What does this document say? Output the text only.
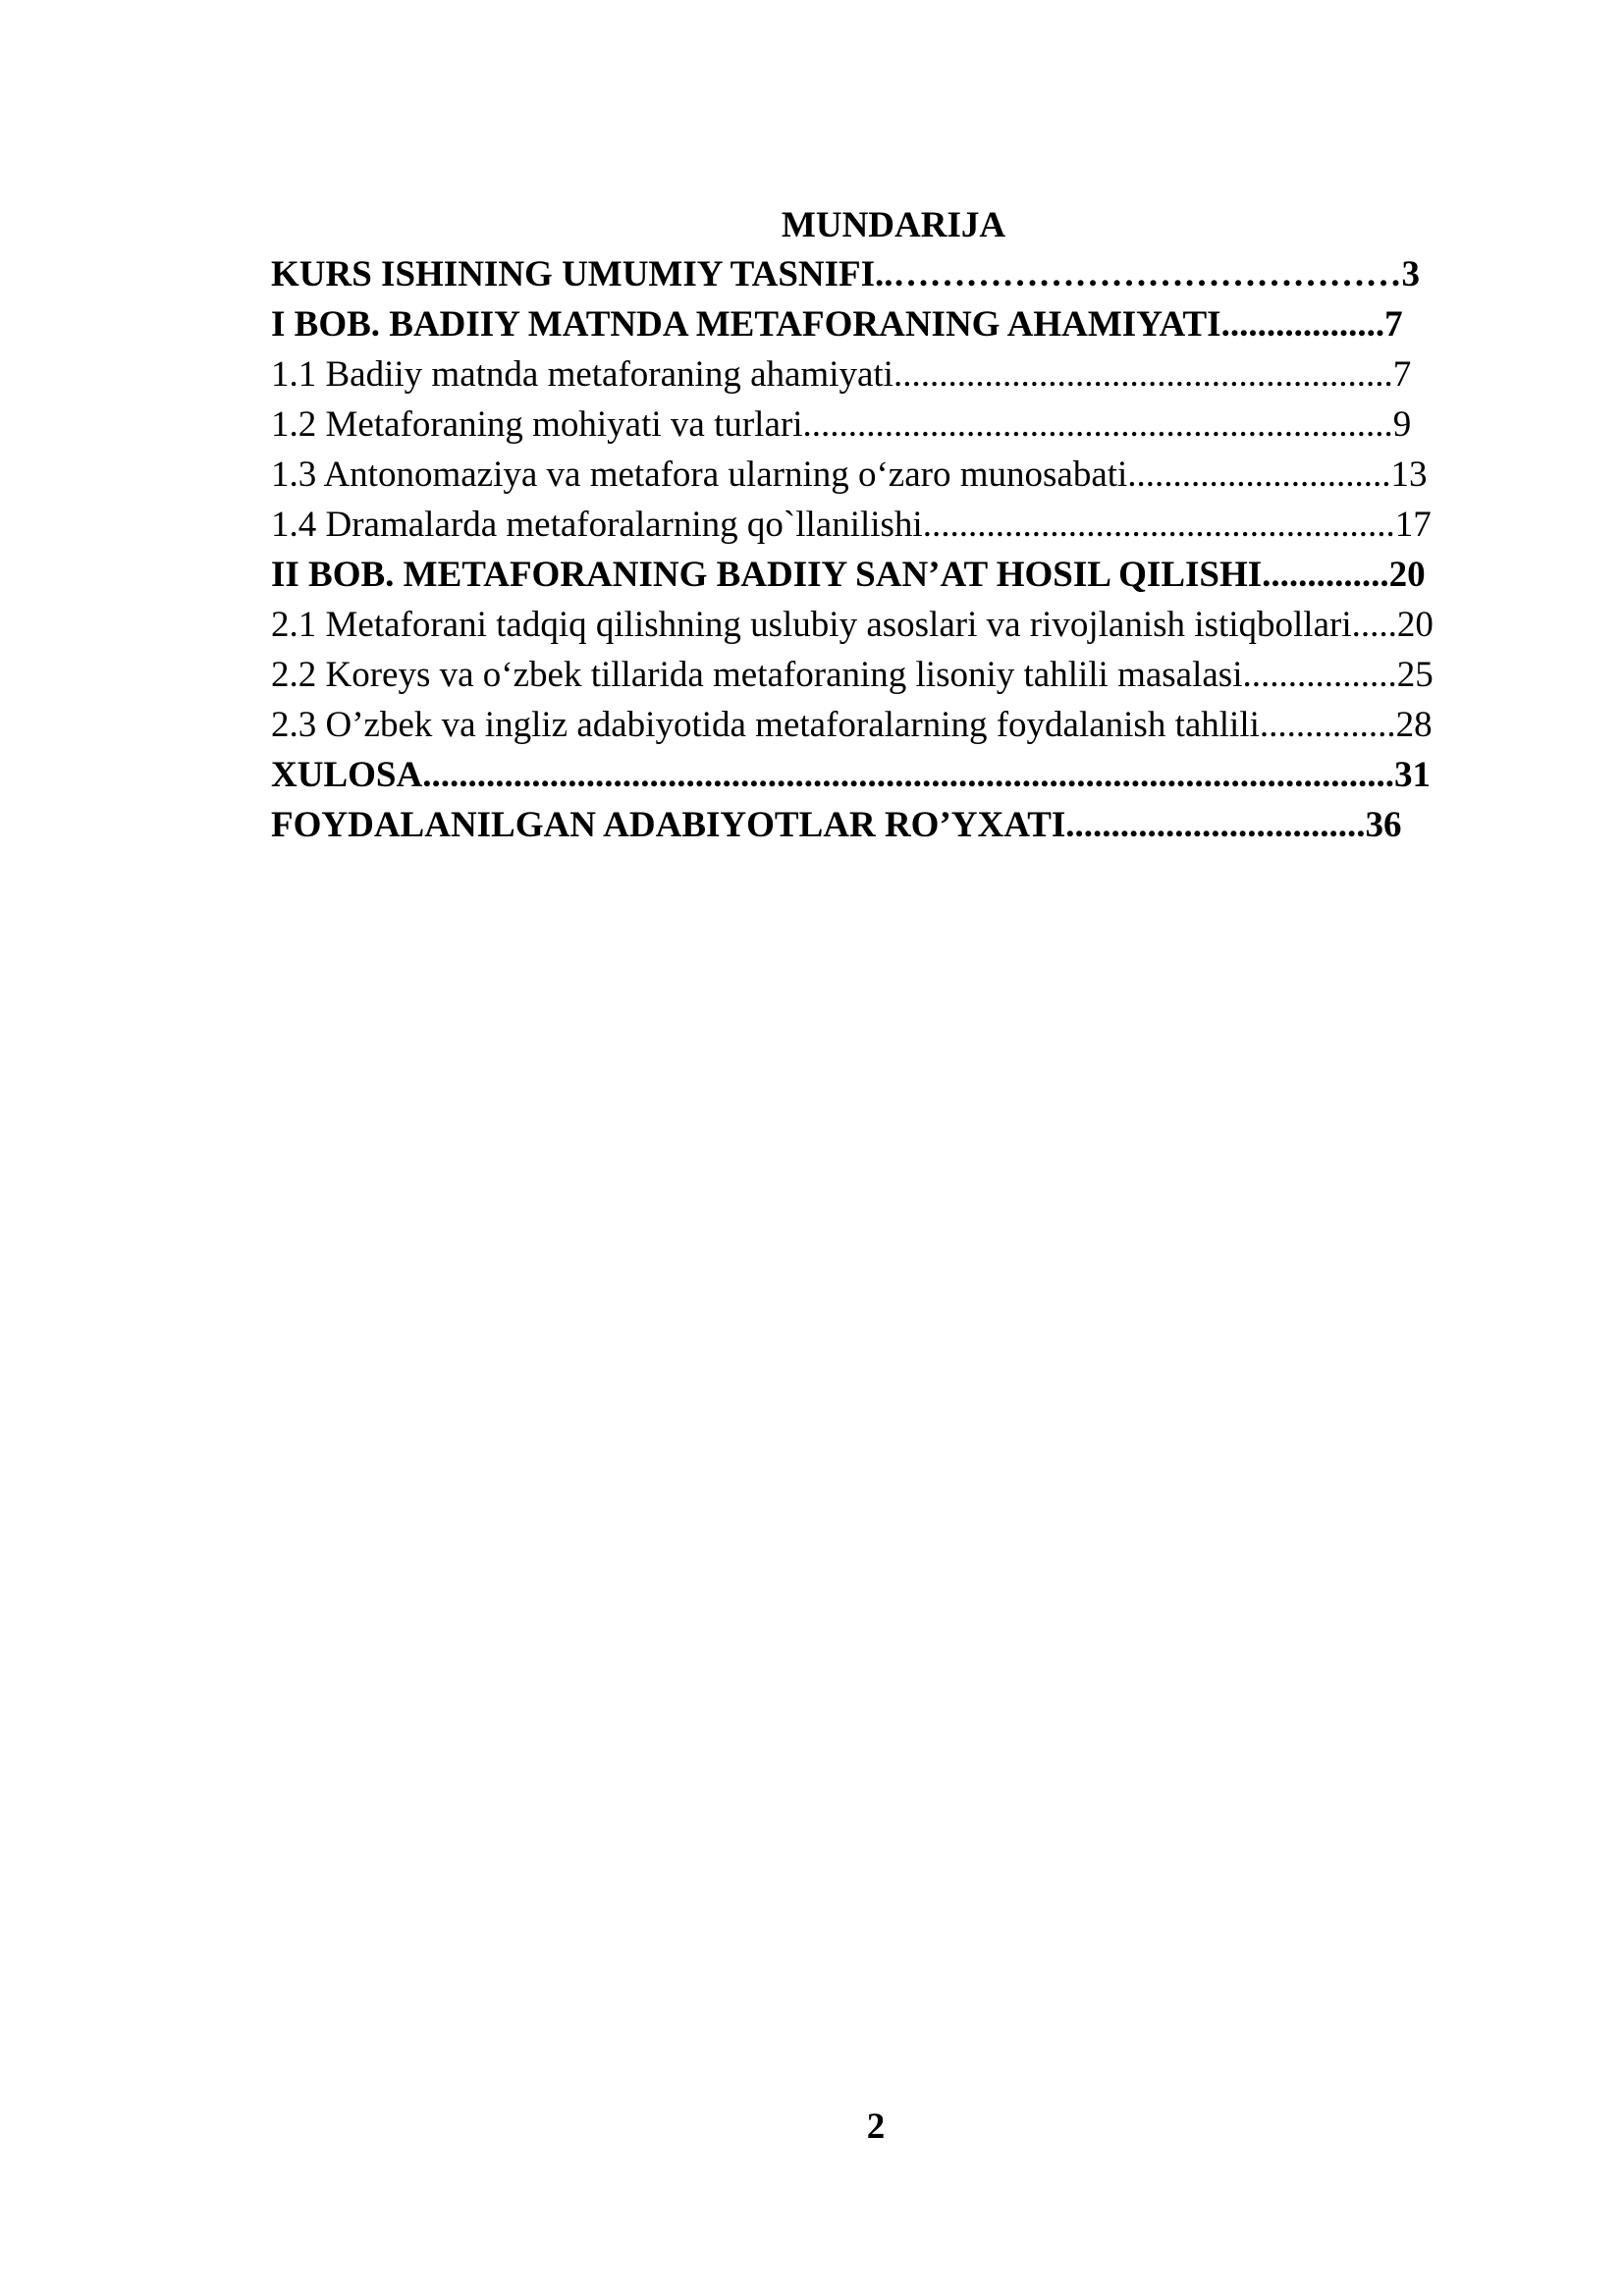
MUNDARIJA
KURS ISHINING UMUMIY TASNIFI..……………………………………3
I BOB. BADIIY MATNDA METAFORANING AHAMIYATI..................7
1.1 Badiiy matnda metaforaning ahamiyati.......................................................7
1.2 Metaforaning mohiyati va turlari.................................................................9
1.3 Antonomaziya va metafora ularning o‘zaro munosabati.............................13
1.4 Dramalarda metaforalarning qo`llanilishi....................................................17
II BOB. METAFORANING BADIIY SAN’AT HOSIL QILISHI..............20
2.1 Metaforani tadqiq qilishning uslubiy asoslari va rivojlanish istiqbollari.....20
2.2 Koreys va o‘zbek tillarida metaforaning lisoniy tahlili masalasi.................25
2.3 O’zbek va ingliz adabiyotida metaforalarning foydalanish tahlili...............28
XULOSA...........................................................................................................31
FOYDALANILGAN ADABIYOTLAR RO’YXATI.................................36
2
